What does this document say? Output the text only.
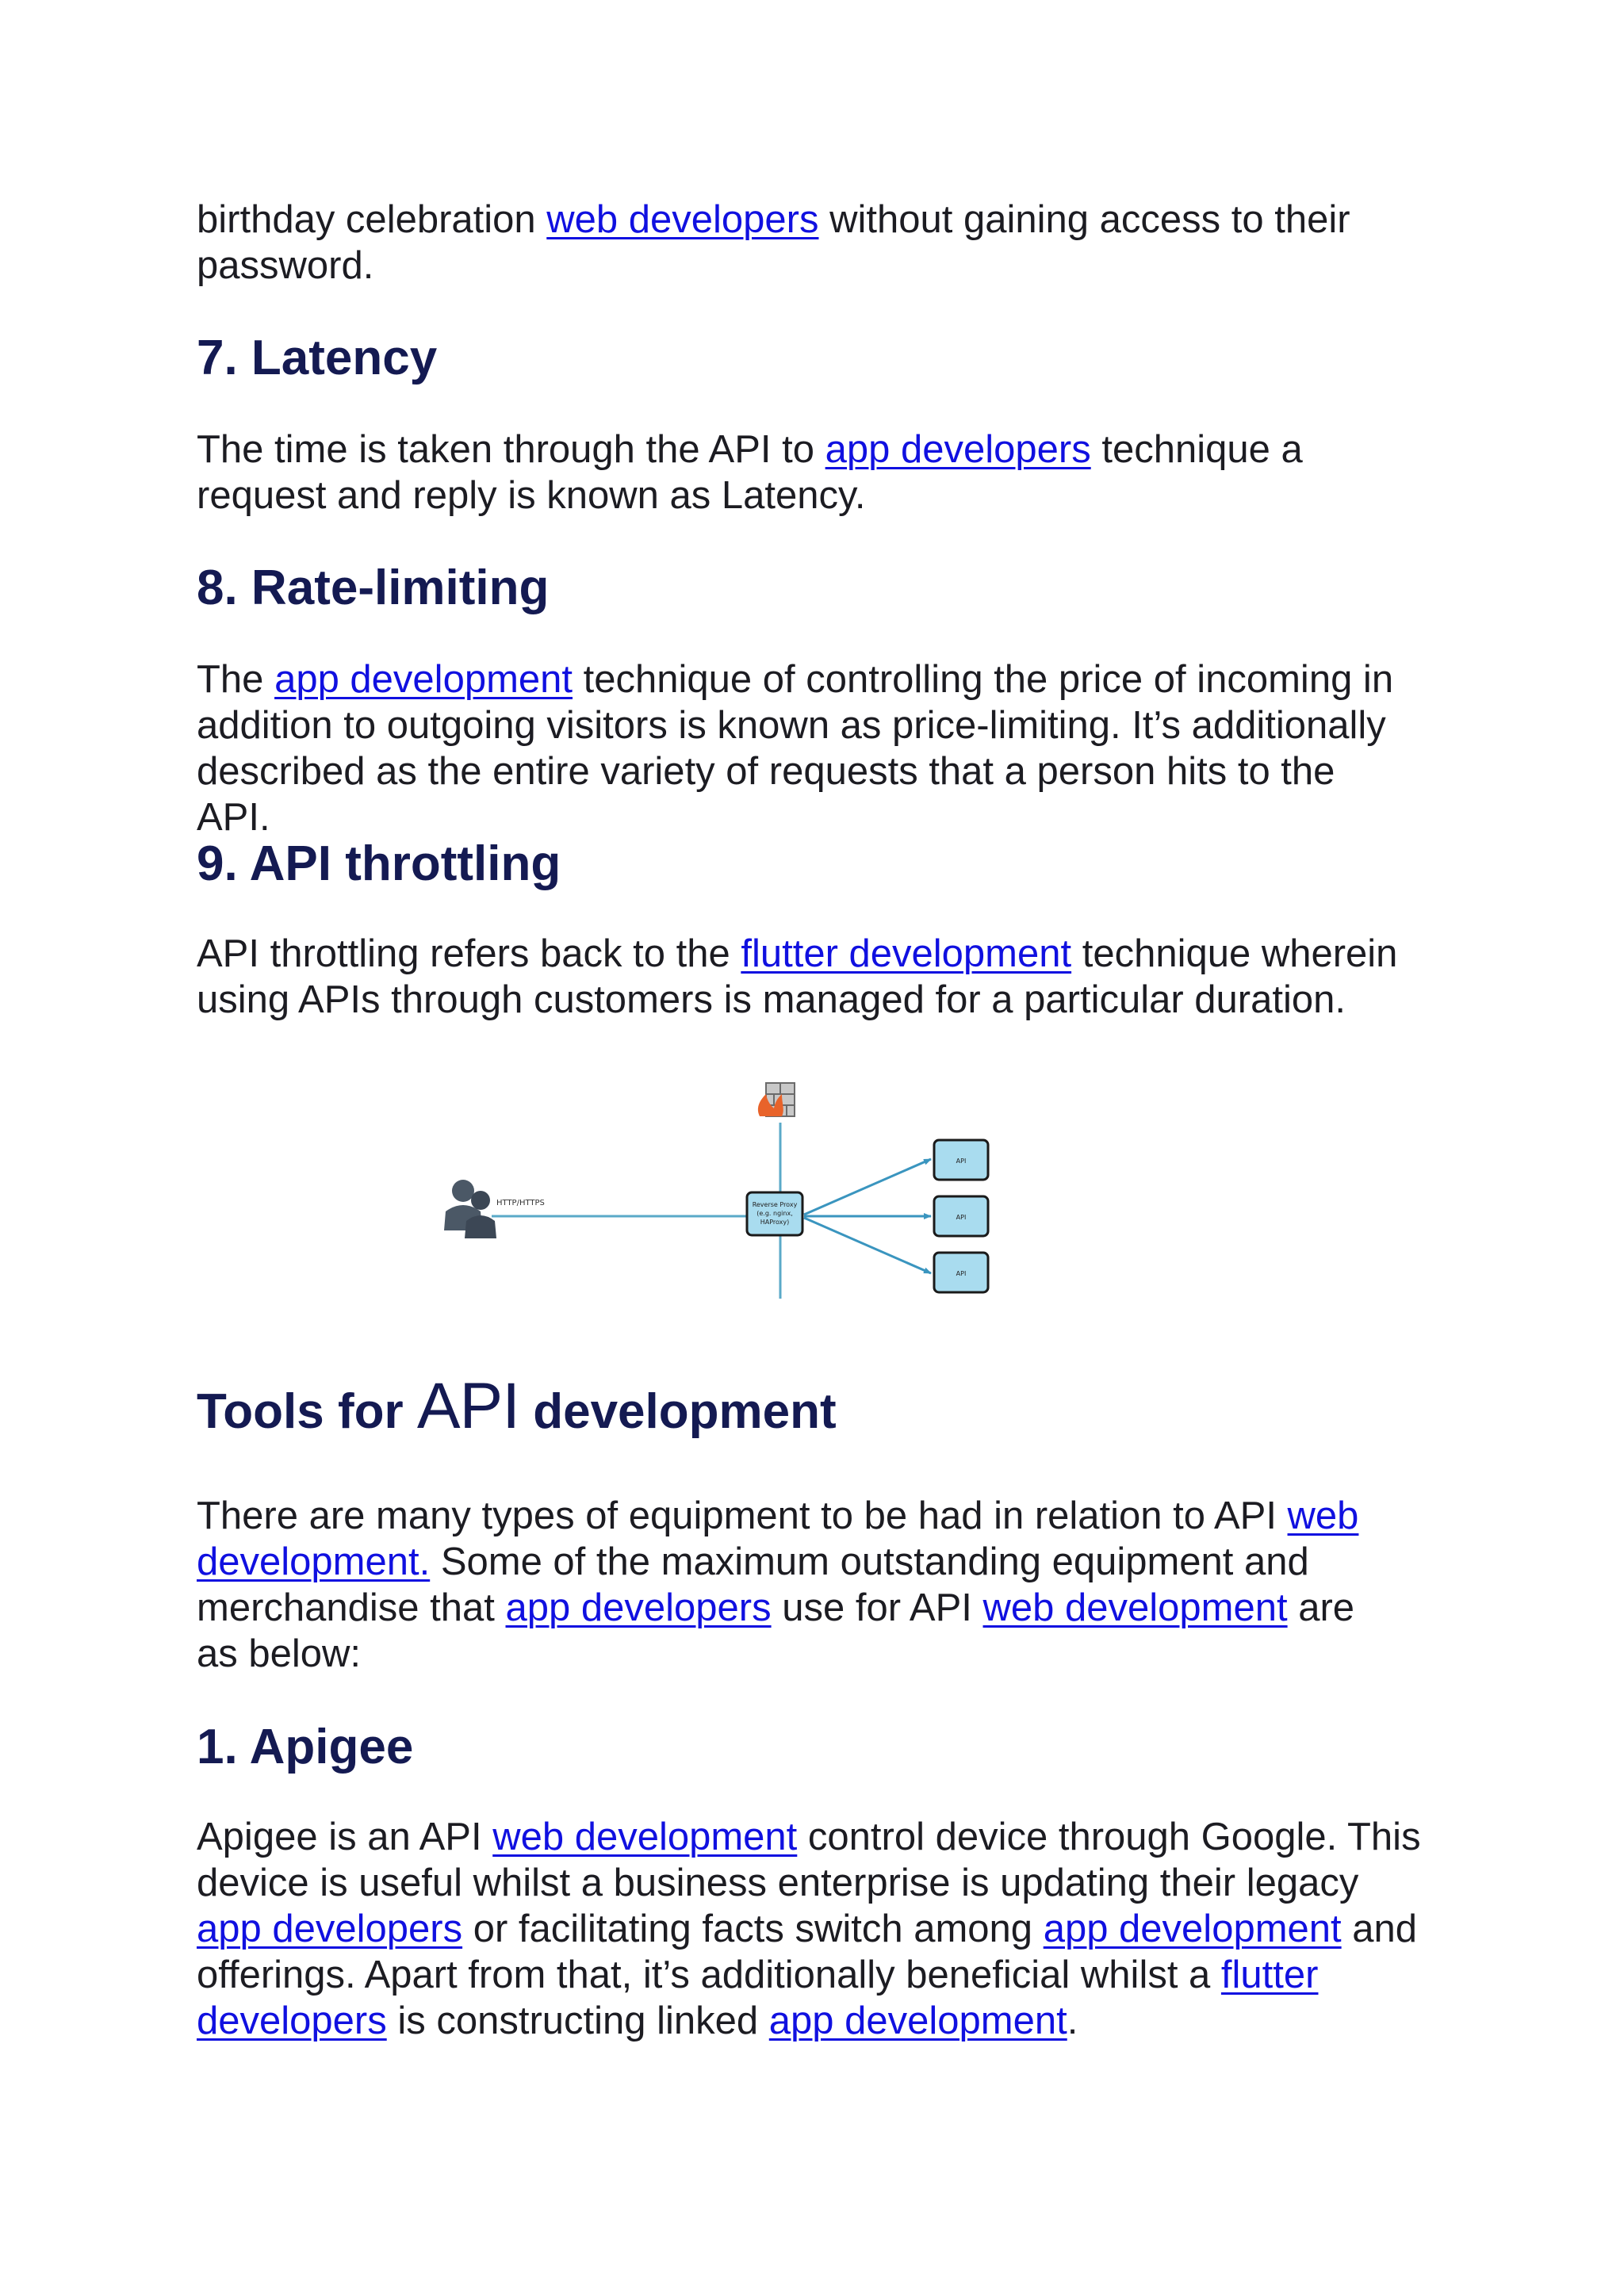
birthday celebration web developers without gaining access to their password.

7. Latency

The time is taken through the API to app developers technique a request and reply is known as Latency.

8. Rate-limiting

The app development technique of controlling the price of incoming in addition to outgoing visitors is known as price-limiting. It’s additionally described as the entire variety of requests that a person hits to the API.

9. API throttling

API throttling refers back to the flutter development technique wherein using APIs through customers is managed for a particular duration.

Tools for API development

There are many types of equipment to be had in relation to API web development. Some of the maximum outstanding equipment and merchandise that app developers use for API web development are as below:

1. Apigee

Apigee is an API web development control device through Google. This device is useful whilst a business enterprise is updating their legacy app developers or facilitating facts switch among app development and offerings. Apart from that, it’s additionally beneficial whilst a flutter developers is constructing linked app development.

HTTP/HTTPS	Reverse Proxy
(e.g. nginx,
HAProxy)
API
API
API
